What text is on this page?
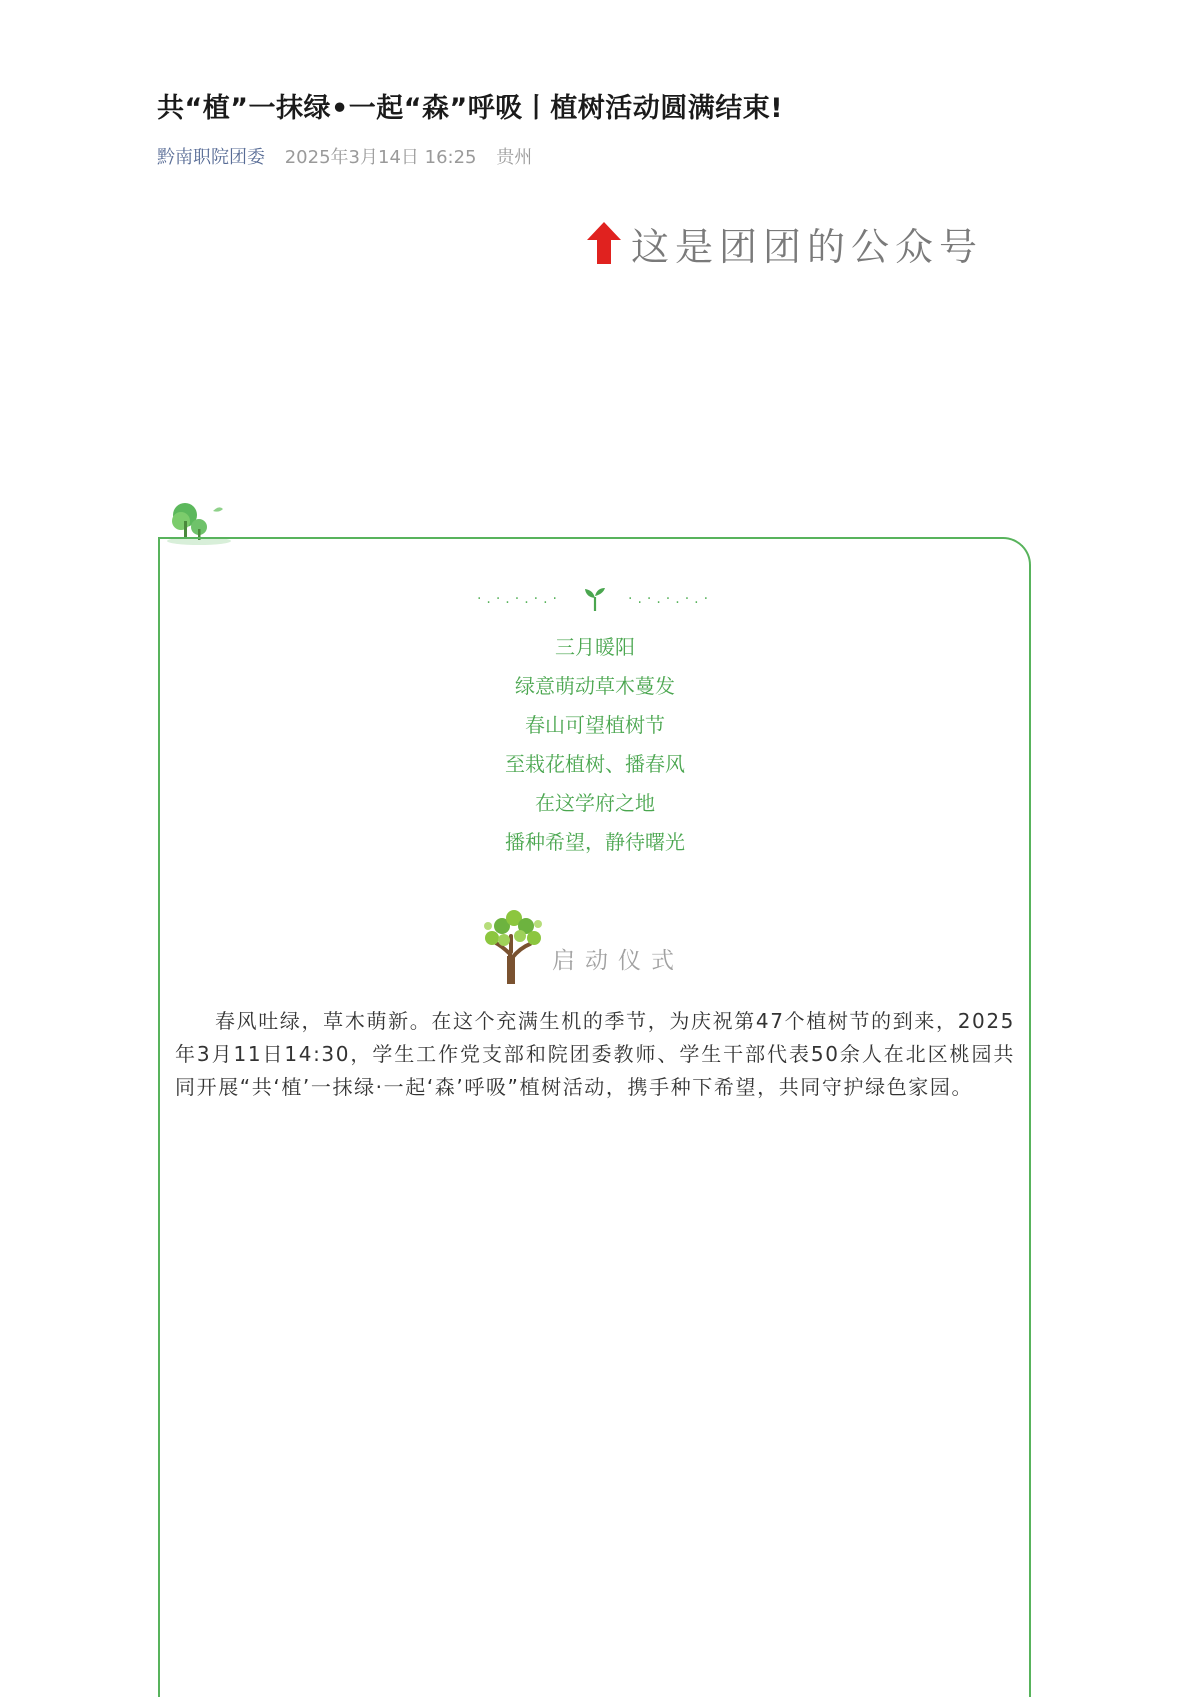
共“植”一抹绿•一起“森”呼吸丨植树活动圆满结束!
黔南职院团委 2025年3月14日 16:25 贵州
这是团团的公众号
·.·.·.·.·	·.·.·.·.·
三月暖阳
绿意萌动草木蔓发
春山可望植树节
至栽花植树、播春风
在这学府之地
播种希望，静待曙光
启动仪式
春风吐绿，草木萌新。在这个充满生机的季节，为庆祝第47个植树节的到来，2025年3月11日14:30，学生工作党支部和院团委教师、学生干部代表50余人在北区桃园共同开展“共‘植’一抹绿·一起‘森’呼吸”植树活动，携手种下希望，共同守护绿色家园。
